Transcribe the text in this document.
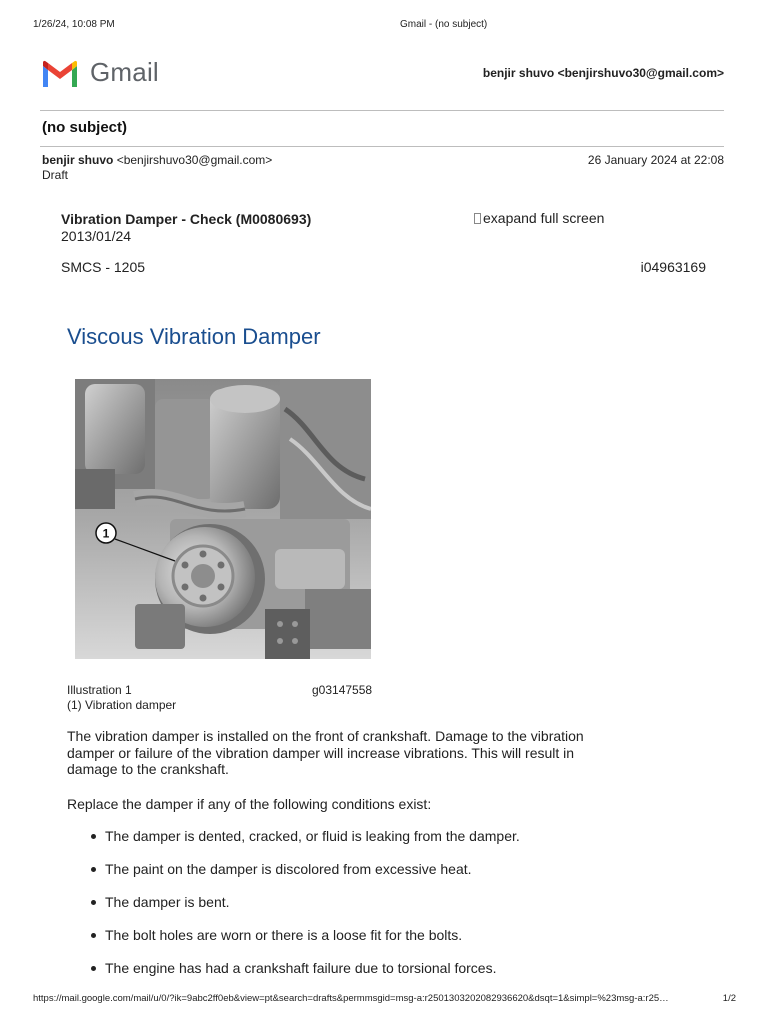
1/26/24, 10:08 PM	Gmail - (no subject)
Gmail	benjir shuvo <benjirshuvo30@gmail.com>
(no subject)
benjir shuvo <benjirshuvo30@gmail.com>
Draft
26 January 2024 at 22:08
Vibration Damper - Check (M0080693)
2013/01/24
exapand full screen
SMCS - 1205	i04963169
Viscous Vibration Damper
1
Illustration 1
(1) Vibration damper
g03147558
The vibration damper is installed on the front of crankshaft. Damage to the vibration damper or failure of the vibration damper will increase vibrations. This will result in damage to the crankshaft.
Replace the damper if any of the following conditions exist:
The damper is dented, cracked, or fluid is leaking from the damper.
The paint on the damper is discolored from excessive heat.
The damper is bent.
The bolt holes are worn or there is a loose fit for the bolts.
The engine has had a crankshaft failure due to torsional forces.
https://mail.google.com/mail/u/0/?ik=9abc2ff0eb&view=pt&search=drafts&permmsgid=msg-a:r2501303202082936620&dsqt=1&simpl=%23msg-a:r25…	1/2
